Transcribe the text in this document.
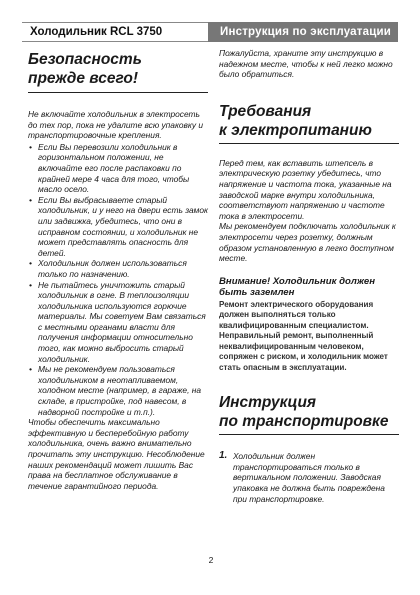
Холодильник RCL 3750	Инструкция по эксплуатации
Безопасность прежде всего!

Не включайте холодильник в электросеть до тех пор, пока не удалите всю упаковку и транспортировочные крепления.

• Если Вы перевозили холодильник в горизонтальном положении, не включайте его после распаковки по крайней мере 4 часа для того, чтобы масло осело.
• Если Вы выбрасываете старый холодильник, и у него на двери есть замок или задвижка, убедитесь, что они в исправном состоянии, и холодильник не может представлять опасность для детей.
• Холодильник должен использоваться только по назначению.
• Не пытайтесь уничтожить старый холодильник в огне. В теплоизоляции холодильника используются горючие материалы. Мы советуем Вам связаться с местными органами власти для получения информации относительно того, как можно выбросить старый холодильник.
• Мы не рекомендуем пользоваться холодильником в неотапливаемом, холодном месте (например, в гараже, на складе, в пристройке, под навесом, в надворной постройке и т.п.).

Чтобы обеспечить максимально эффективную и бесперебойную работу холодильника, очень важно внимательно прочитать эту инструкцию. Несоблюдение наших рекомендаций может лишить Вас права на бесплатное обслуживание в течение гарантийного периода.

Пожалуйста, храните эту инструкцию в надежном месте, чтобы к ней легко можно было обратиться.

Требования
к электропитанию

Перед тем, как вставить штепсель в электрическую розетку убедитесь, что напряжение и частота тока, указанные на заводской марке внутри холодильника, соответствуют напряжению и частоте тока в электросети.

Мы рекомендуем подключать холодильник к электросети через розетку, должным образом установленную в легко доступном месте.

Внимание! Холодильник должен быть заземлен

Ремонт электрического оборудования должен выполняться только квалифицированным специалистом. Неправильный ремонт, выполненный неквалифицированным человеком, сопряжен с риском, и холодильник может стать опасным в эксплуатации.

Инструкция
по транспортировке
1. Холодильник должен транспортироваться только в вертикальном положении. Заводская упаковка не должна быть повреждена при транспортировке.
2
